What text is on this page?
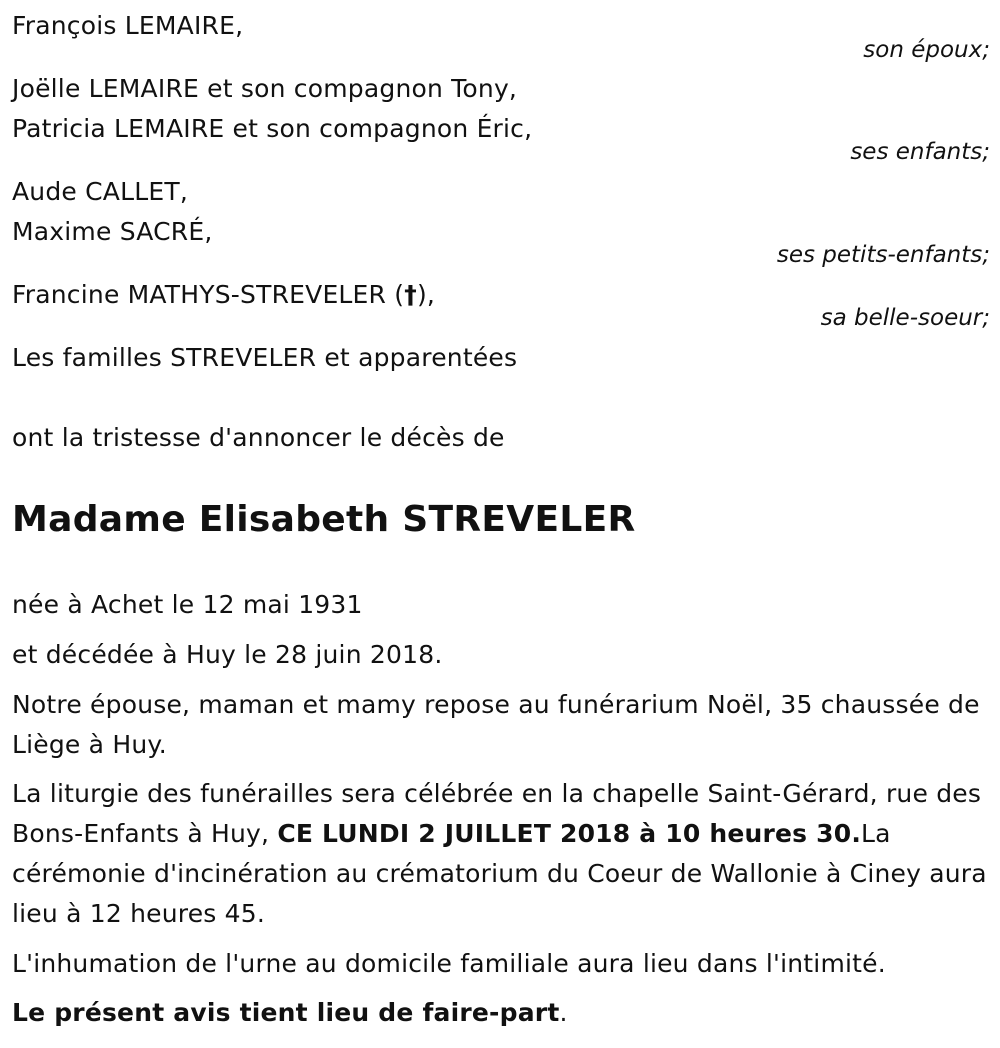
François LEMAIRE,
son époux;
Joëlle LEMAIRE et son compagnon Tony,
Patricia LEMAIRE et son compagnon Éric,
ses enfants;
Aude CALLET,
Maxime SACRÉ,
ses petits-enfants;
Francine MATHYS-STREVELER (†),
sa belle-soeur;
Les familles STREVELER et apparentées
ont la tristesse d'annoncer le décès de
Madame Elisabeth STREVELER
née à Achet le 12 mai 1931
et décédée à Huy le 28 juin 2018.
Notre épouse, maman et mamy repose au funérarium Noël, 35 chaussée de Liège à Huy.
La liturgie des funérailles sera célébrée en la chapelle Saint-Gérard, rue des Bons-Enfants à Huy, CE LUNDI 2 JUILLET 2018 à 10 heures 30.La cérémonie d'incinération au crématorium du Coeur de Wallonie à Ciney aura lieu à 12 heures 45.
L'inhumation de l'urne au domicile familiale aura lieu dans l'intimité.
Le présent avis tient lieu de faire-part.
